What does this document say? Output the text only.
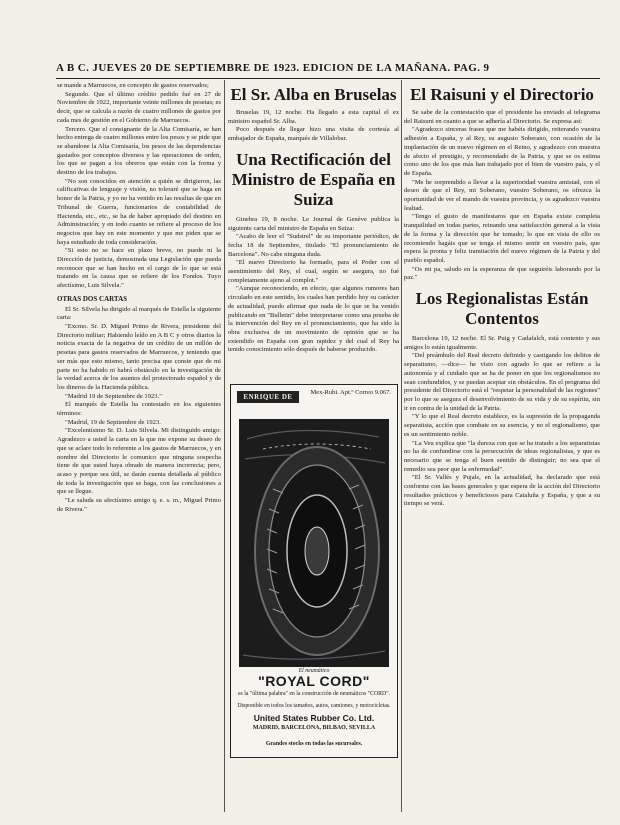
A B C. JUEVES 20 DE SEPTIEMBRE DE 1923. EDICION DE LA MAÑANA. PAG. 9

se mande a Marruecos, en concepto de gastos reservados;

Segundo. Que el último crédito pedido fué en 27 de Noviembre de 1922, importante veinte millones de pesetas; es decir, que se calcula a razón de cuatro millones de gastos por cada mes de gestión en el Gobierno de Marruecos.

Tercero. Que el consignante de la Alta Comisaría, se han hecho entrega de cuatro millones entre los pesos y se pide que se abandone la Alta Comisaría, los pesos de las dependencias gastados por conceptos diversos y las operaciones de orden, los que se pagan a los obreros que están con la forma y destino de los trabajos.

"No son conocidos en atención a quién se dirigieron, las calificativas de lenguaje y visión, no toleraré que se haga en honor de la Patria, y yo no ha venido en las resultas de que en Tribunal de Guerra, funcionarios de contabilidad de Hacienda, etc., etc., se ha de haber apropiado del destino en Administración; y en todo cuanto se refiere al proceso de los negocios que hay en este momento y que me piden que se haya estudiado de toda consideración.

"Si esto no se hace en plazo breve, no puede ni la Dirección de justicia, demostrada una Legislación que pueda reconocer que se han hecho en el cargo de lo que se está tratando en la causa que se refiere de los Fondos. Tuyo afectísimo, Luis Silvela."

OTRAS DOS CARTAS

El Sr. Silvela ha dirigido al marqués de Estella la siguiente carta:

"Excmo. Sr. D. Miguel Primo de Rivera, presidente del Directorio militar; Habiendo leído en A B C y otros diarios la noticia exacta de la negativa de un crédito de un millón de pesetas para gastos reservados de Marruecos, y teniendo que ser más que esto mismo, tanto precisa que conste que de mi parte no ha habido ni habrá obstáculo en la investigación de la verdad acerca de los asuntos del protectorado español y de los dineros de la Hacienda pública.

"Madrid 19 de Septiembre de 1923."

El marqués de Estella ha contestado en los siguientes términos:

"Madrid, 19 de Septiembre de 1923.

"Excelentísimo Sr. D. Luis Silvela. Mi distinguido amigo: Agradezco a usted la carta en la que me expone su deseo de que se aclare todo lo referente a los gastos de Marruecos, y en nombre del Directorio le comunico que ninguna sospecha tiene de que usted haya obrado de manera incorrecta; pero, acaso y porque sea útil, se darán cuenta detallada al público de toda la investigación que se haga, con las conclusiones a que se llegue.

"Le saluda su afectísimo amigo q. e. s. m., Miguel Primo de Rivera."

El Sr. Alba en Bruselas

Bruselas 19, 12 noche. Ha llegado a esta capital el ex ministro español Sr. Alba.

Poco después de llegar hizo una visita de cortesía al embajador de España, marqués de Villalobar.

Una Rectificación del Ministro de España en Suiza

Ginebra 19, 8 noche. Le Journal de Genève publica la siguiente carta del ministro de España en Suiza:

"Acabo de leer el "Sudstrel" de su importante periódico, de fecha 18 de Septiembre, titulado "El pronunciamiento de Barcelona". No cabe ninguna duda.

"El nuevo Directorio ha formado, para el Poder con el asentimiento del Rey, el cual, según se asegura, no fué completamente ajeno al complot."

"Aunque reconociendo, en efecto, que algunos rumores han circulado en este sentido, los cuales han perdido hoy su carácter de actualidad, puedo afirmar que nada de lo que se ha venido publicando en "Bulletin" debe interpretarse como una prueba de la intervención del Rey en el pronunciamiento, que ha sido la obra exclusiva de un movimiento de opinión que se ha extendido en España con gran rapidez y del cual el Rey ha tenido conocimiento sólo después de haberse producido.

ENRIQUE DE LEON
Mex-Rubi. Apt.º Correo 9.067.
El neumático
"ROYAL CORD"
es la "última palabra" en la construcción de neumáticos "CORD".
Disponible en todos los tamaños, autos, camiones, y motocicletas.
United States Rubber Co. Ltd.
MADRID, BARCELONA, BILBAO, SEVILLA
Grandes stocks en todas las sucursales.
El Raisuni y el Directorio

Se sabe de la contestación que el presidente ha enviado al telegrama del Raisuni en cuanto a que se adhería al Directorio. Se expresa así:

"Agradezco sinceras frases que me habéis dirigido, reiterando vuestra adhesión a España, y al Rey, su augusto Soberano, con ocasión de la implantación de un nuevo régimen en el Reino, y agradezco con muestra de afecto el prestigio, y recomendado de la Patria, y que se os estima como uno de los que más han trabajado por el bien de vuestro país, y el de España.

"Me he sorprendido a llevar a la superioridad vuestra amistad, con el deseo de que el Rey, mi Soberano, vuestro Soberano, os ofrezca la oportunidad de ver el mando de vuestra provincia, y os agradezco vuestra lealtad.

"Tengo el gusto de manifestaros que en España existe completa tranquilidad en todas partes, reinando una satisfacción general a la vista de la forma y la dirección que he tomado; lo que en vista de ello os recomiendo hagáis que se tenga el mismo sentir en vuestro país, que espera la pronta y feliz tramitación del nuevo régimen de la Patria y del pueblo español.

"Os mi pa, saludo en la esperanza de que seguiréis laborando por la paz."

Los Regionalistas Están Contentos

Barcelona 19, 12 noche. El Sr. Puig y Cadafalch, está contento y sus amigos lo están igualmente.

"Del preámbulo del Real decreto definido y castigando los delitos de separatismo, —dice— he visto con agrado lo que se refiere a la autonomía y al cuidado que se ha de poner en que los regionalismos no sean confundidos, y se puedan aceptar sin obstáculos. En el programa del presidente del Directorio está el "respetar la personalidad de las regiones" por lo que se asegura el desenvolvimiento de su vida y de su espíritu, sin ir en contra de la unidad de la Patria.

"Y lo que el Real decreto establece, es la supresión de la propaganda separatista, acción que combate en su esencia, y no el regionalismo, que es un sentimiento noble.

"La Veu explica que "la dureza con que se ha tratado a los separatistas no ha de confundirse con la persecución de ideas regionalistas, y que es necesario que se tenga el buen sentido de distinguir; no sea que el remedio sea peor que la enfermedad".

"El Sr. Vallés y Pujals, en la actualidad, ha declarado que está conforme con las bases generales y que espera de la acción del Directorio resultados prácticos y beneficiosos para Cataluña y España, y que a su tiempo se verá.
